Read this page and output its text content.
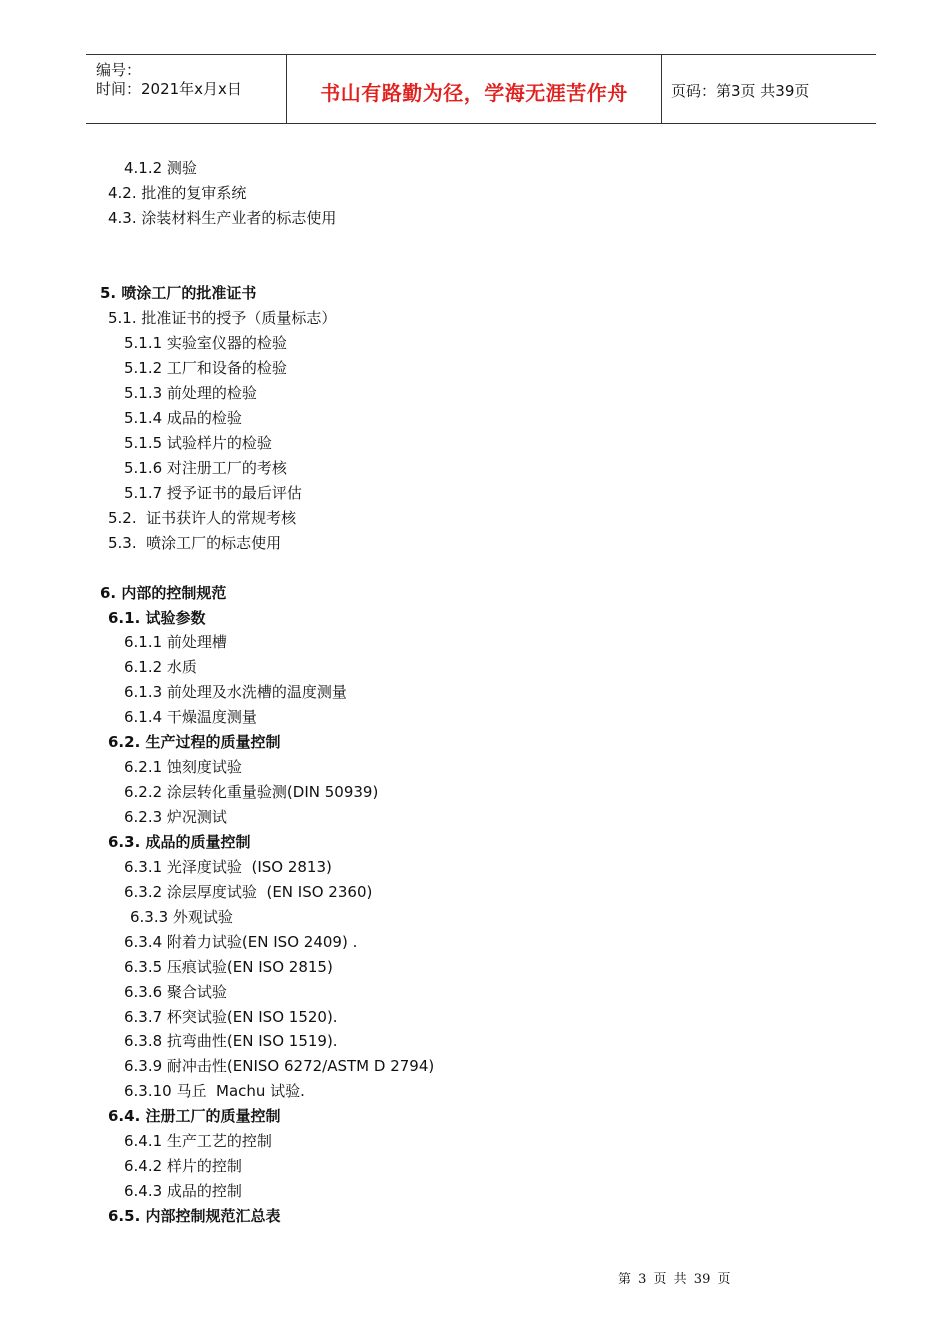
编号：
时间：2021年x月x日	书山有路勤为径，学海无涯苦作舟	页码：第3页 共39页
4.1.2 测验
4.2. 批准的复审系统
4.3. 涂装材料生产业者的标志使用
5. 喷涂工厂的批准证书
5.1. 批准证书的授予（质量标志）
5.1.1 实验室仪器的检验
5.1.2 工厂和设备的检验
5.1.3 前处理的检验
5.1.4 成品的检验
5.1.5 试验样片的检验
5.1.6 对注册工厂的考核
5.1.7 授予证书的最后评估
5.2.  证书获许人的常规考核
5.3.  喷涂工厂的标志使用
6. 内部的控制规范
6.1. 试验参数
6.1.1 前处理槽
6.1.2 水质
6.1.3 前处理及水洗槽的温度测量
6.1.4 干燥温度测量
6.2. 生产过程的质量控制
6.2.1 蚀刻度试验
6.2.2 涂层转化重量验测(DIN 50939)
6.2.3 炉况测试
6.3. 成品的质量控制
6.3.1 光泽度试验  (ISO 2813)
6.3.2 涂层厚度试验  (EN ISO 2360)
6.3.3 外观试验
6.3.4 附着力试验(EN ISO 2409) .
6.3.5 压痕试验(EN ISO 2815)
6.3.6 聚合试验
6.3.7 杯突试验(EN ISO 1520).
6.3.8 抗弯曲性(EN ISO 1519).
6.3.9 耐冲击性(ENISO 6272/ASTM D 2794)
6.3.10 马丘  Machu 试验.
6.4. 注册工厂的质量控制
6.4.1 生产工艺的控制
6.4.2 样片的控制
6.4.3 成品的控制
6.5. 内部控制规范汇总表
第 3 页 共 39 页
